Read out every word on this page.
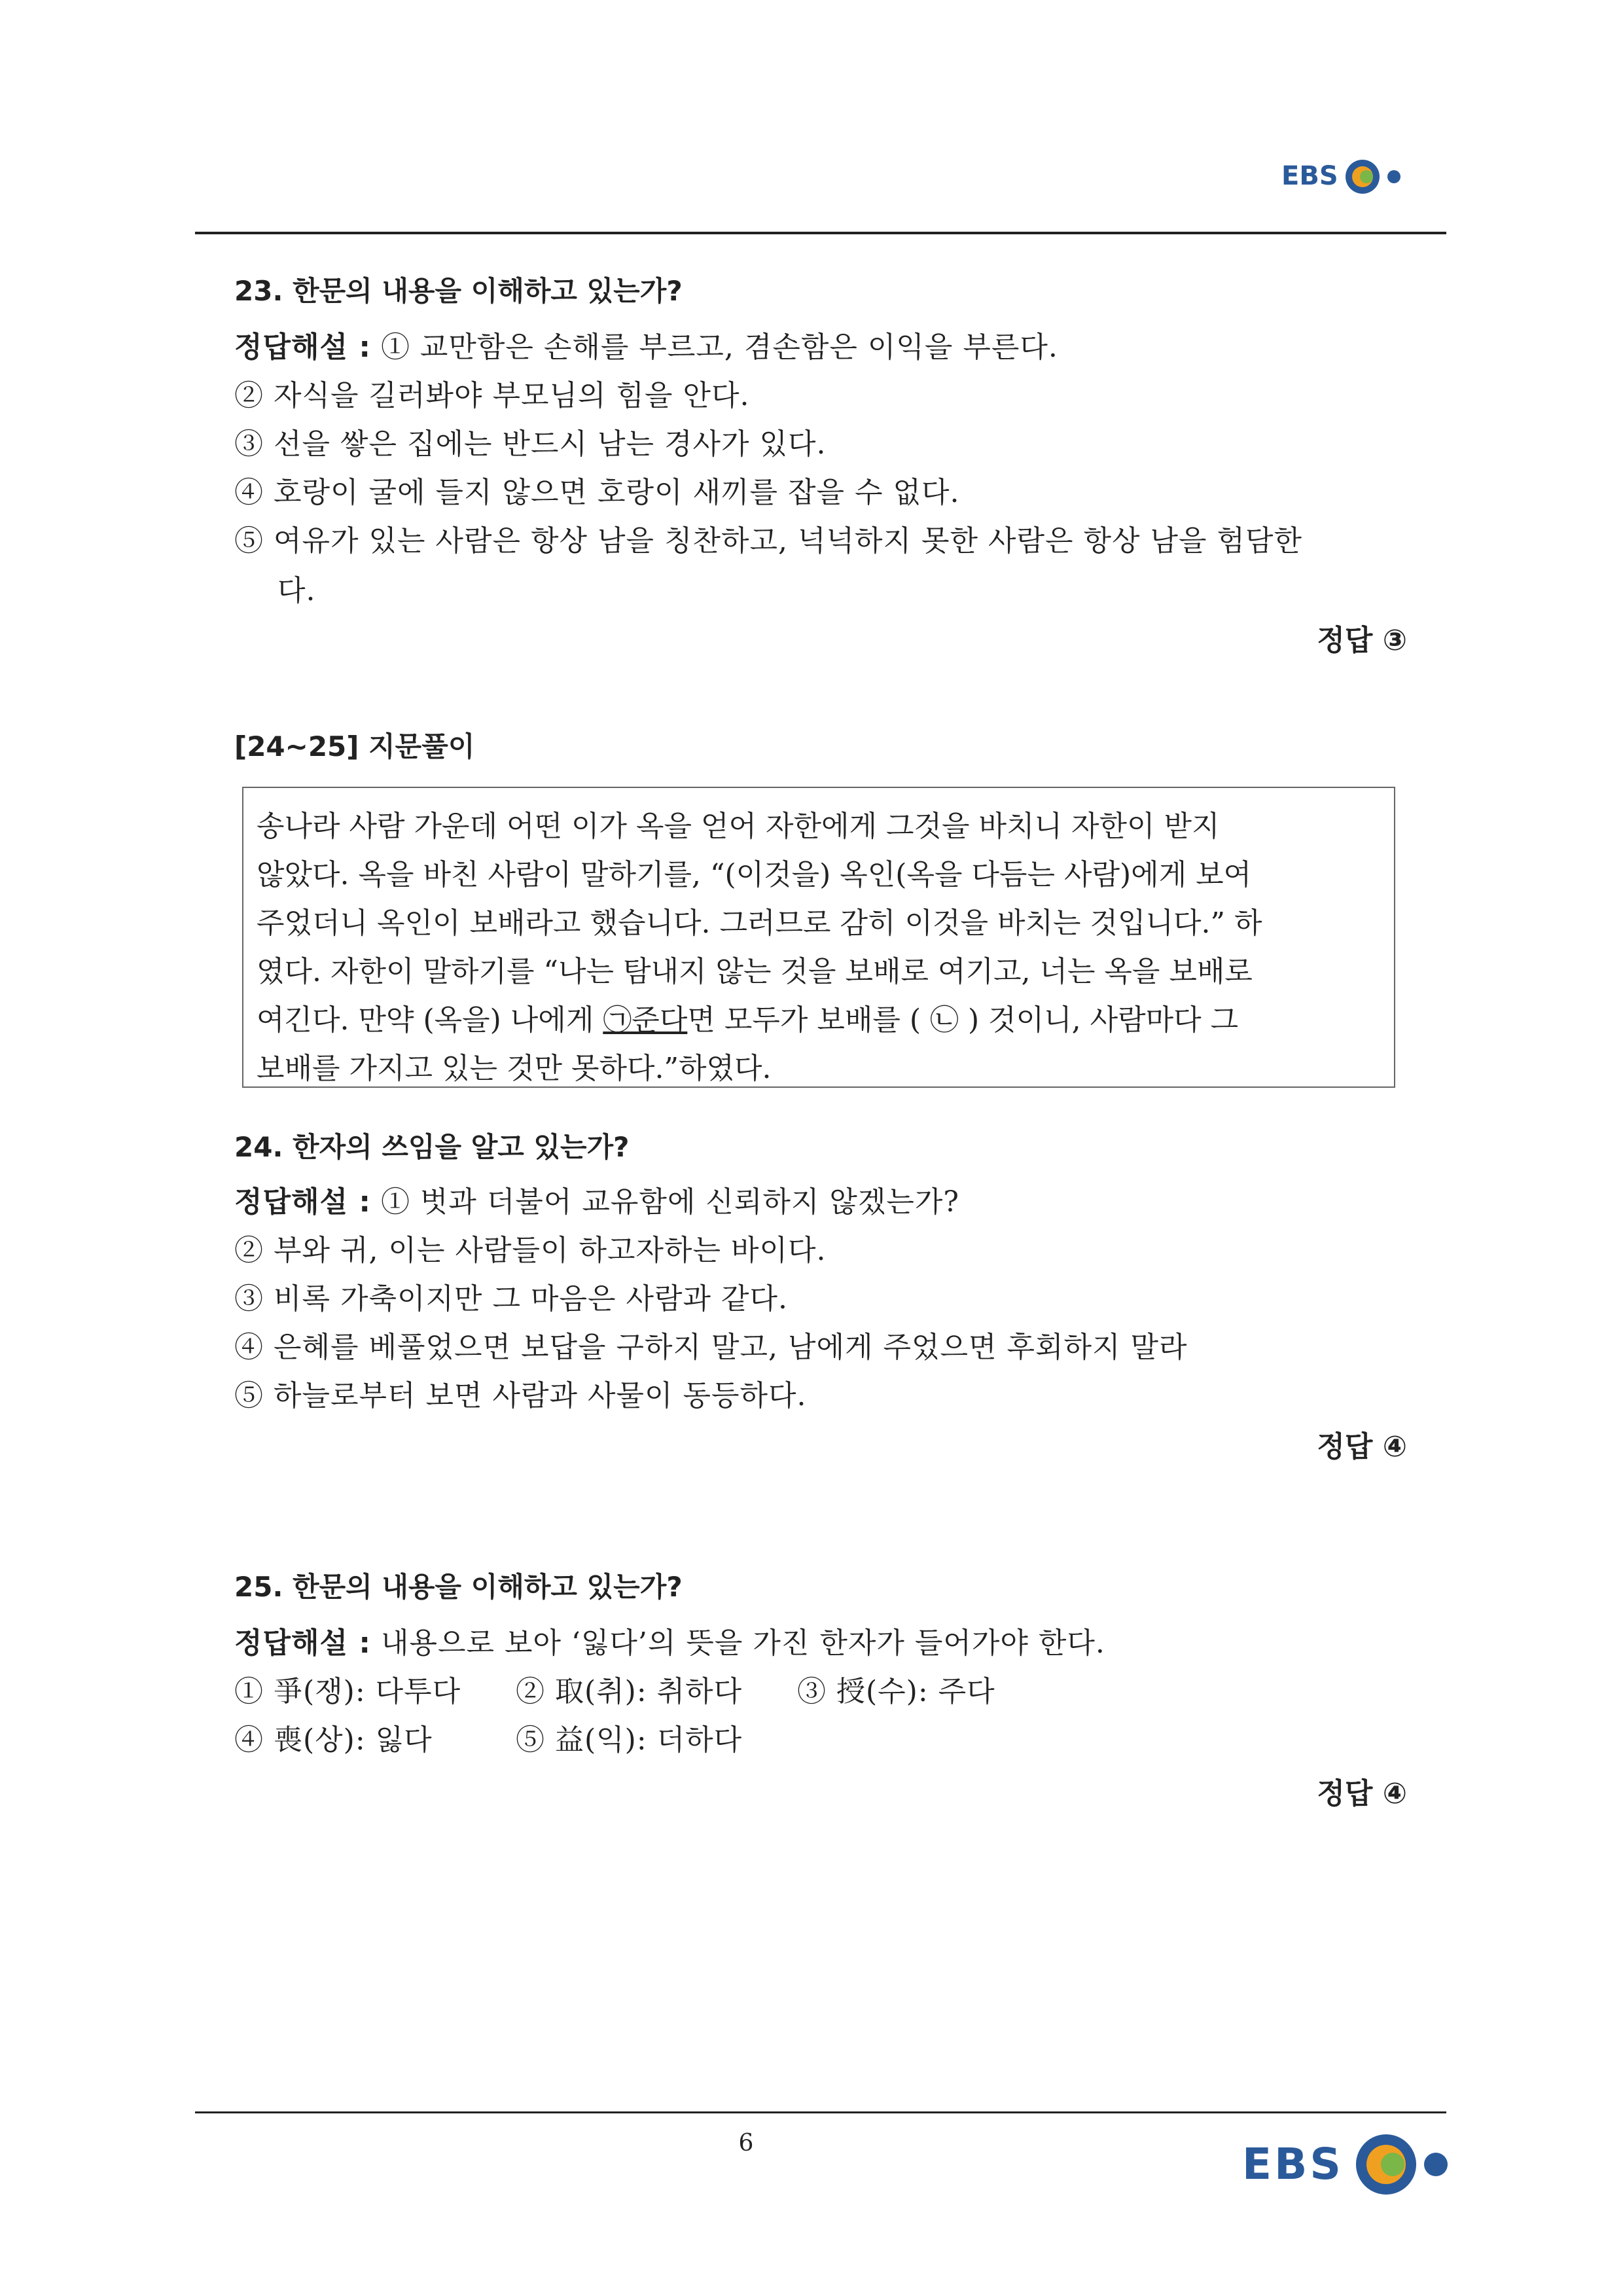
EBS
23. 한문의 내용을 이해하고 있는가?
정답해설 : ① 교만함은 손해를 부르고, 겸손함은 이익을 부른다.
② 자식을 길러봐야 부모님의 힘을 안다.
③ 선을 쌓은 집에는 반드시 남는 경사가 있다.
④ 호랑이 굴에 들지 않으면 호랑이 새끼를 잡을 수 없다.
⑤ 여유가 있는 사람은 항상 남을 칭찬하고, 넉넉하지 못한 사람은 항상 남을 험담한
다.
정답 ③
[24~25] 지문풀이
송나라 사람 가운데 어떤 이가 옥을 얻어 자한에게 그것을 바치니 자한이 받지
않았다. 옥을 바친 사람이 말하기를, “(이것을) 옥인(옥을 다듬는 사람)에게 보여
주었더니 옥인이 보배라고 했습니다. 그러므로 감히 이것을 바치는 것입니다.” 하
였다. 자한이 말하기를 “나는 탐내지 않는 것을 보배로 여기고, 너는 옥을 보배로
여긴다. 만약 (옥을) 나에게 ㉠준다면 모두가 보배를 ( ㉡ ) 것이니, 사람마다 그
보배를 가지고 있는 것만 못하다.”하였다.
24. 한자의 쓰임을 알고 있는가?
정답해설 : ① 벗과 더불어 교유함에 신뢰하지 않겠는가?
② 부와 귀, 이는 사람들이 하고자하는 바이다.
③ 비록 가축이지만 그 마음은 사람과 같다.
④ 은혜를 베풀었으면 보답을 구하지 말고, 남에게 주었으면 후회하지 말라
⑤ 하늘로부터 보면 사람과 사물이 동등하다.
정답 ④
25. 한문의 내용을 이해하고 있는가?
정답해설 : 내용으로 보아 ‘잃다’의 뜻을 가진 한자가 들어가야 한다.
① 爭(쟁): 다투다 ② 取(취): 취하다 ③ 授(수): 주다
④ 喪(상): 잃다	⑤ 益(익): 더하다
정답 ④
6	EBS
